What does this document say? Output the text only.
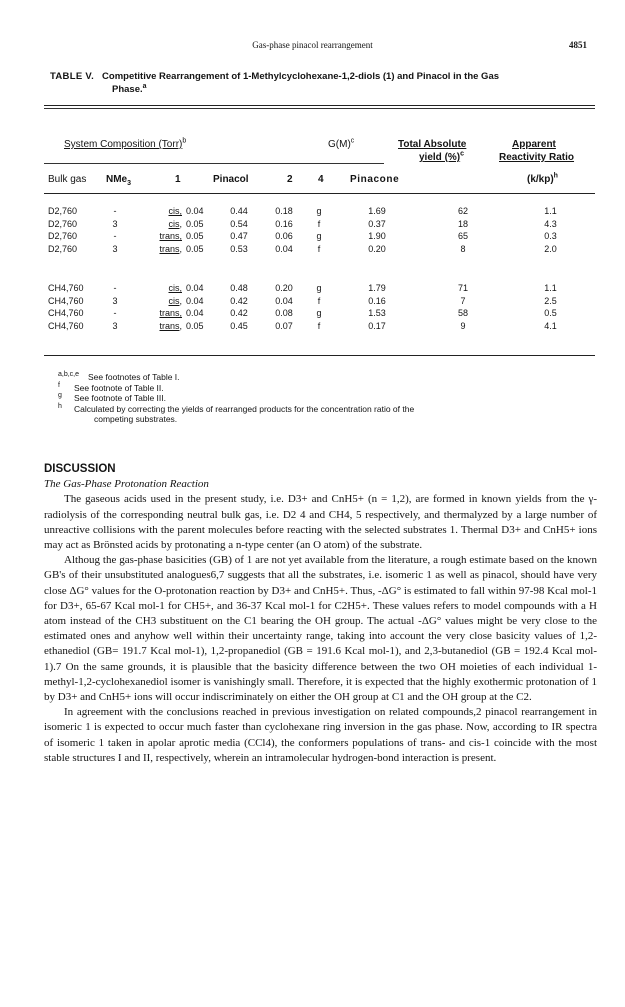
Gas-phase pinacol rearrangement	4851
TABLE V. Competitive Rearrangement of 1-Methylcyclohexane-1,2-diols (1) and Pinacol in the Gas
Phase.$^a$
System Composition (Torr)$^b$	$G(M)^c$	Total Absolute	Apparent
yield (%)$^c$	Reactivity Ratio
Bulk gas NMe$_3$	1	Pinacol	2	4	Pinacone	$(k/kp)^h$
D2,760	-	cis,	0.04	0.44	0.18	g	1.69	62	1.1
D2,760	3	cis,	0.05	0.54	0.16	f	0.37	18	4.3
D2,760	-	trans,	0.05	0.47	0.06	g	1.90	65	0.3
D2,760	3	trans,	0.05	0.53	0.04	f	0.20	8	2.0
CH4,760	-	cis,	0.04	0.48	0.20	g	1.79	71	1.1
CH4,760	3	cis,	0.04	0.42	0.04	f	0.16	7	2.5
CH4,760	-	trans,	0.04	0.42	0.08	g	1.53	58	0.5
CH4,760	3	trans,	0.05	0.45	0.07	f	0.17	9	4.1
a,b,c,e See footnotes of Table I.
f See footnote of Table II.
g See footnote of Table III.
h Calculated by correcting the yields of rearranged products for the concentration ratio of the
competing substrates.
DISCUSSION
The Gas-Phase Protonation Reaction

The gaseous acids used in the present study, i.e. D3+ and CnH5+ (n = 1,2), are formed in known yields from the γ-radiolysis of the corresponding neutral bulk gas, i.e. D2 4 and CH4, 5 respectively, and thermalyzed by a large number of unreactive collisions with the parent molecules before reacting with the selected substrates 1. Thermal D3+ and CnH5+ ions may act as Brönsted acids by protonating a n-type center (an O atom) of the substrate.

Althoug the gas-phase basicities (GB) of 1 are not yet available from the literature, a rough estimate based on the known GB's of their unsubstituted analogues6,7 suggests that all the substrates, i.e. isomeric 1 as well as pinacol, should have very close ΔG° values for the O-protonation reaction by D3+ and CnH5+. Thus, -ΔG° is estimated to fall within 97-98 Kcal mol-1 for D3+, 65-67 Kcal mol-1 for CH5+, and 36-37 Kcal mol-1 for C2H5+. These values refers to model compounds with a H atom instead of the CH3 substituent on the C1 bearing the OH group. The actual -ΔG° values might be very close to the estimated ones and anyhow well within their uncertainty range, taking into account the very close basicity values of 1,2-ethanediol (GB= 191.7 Kcal mol-1), 1,2-propanediol (GB = 191.6 Kcal mol-1), and 2,3-butanediol (GB = 192.4 Kcal mol-1).7 On the same grounds, it is plausible that the basicity difference between the two OH moieties of each individual 1-methyl-1,2-cyclohexanediol isomer is vanishingly small. Therefore, it is expected that the highly exothermic protonation of 1 by D3+ and CnH5+ ions will occur indiscriminately on either the OH group at C1 and the OH group at the C2.

In agreement with the conclusions reached in previous investigation on related compounds,2 pinacol rearrangement in isomeric 1 is expected to occur much faster than cyclohexane ring inversion in the gas phase. Now, according to IR spectra of isomeric 1 taken in apolar aprotic media (CCl4), the conformers populations of trans- and cis-1 coincide with the most stable structures I and II, respectively, wherein an intramolecular hydrogen-bond interaction is present.
